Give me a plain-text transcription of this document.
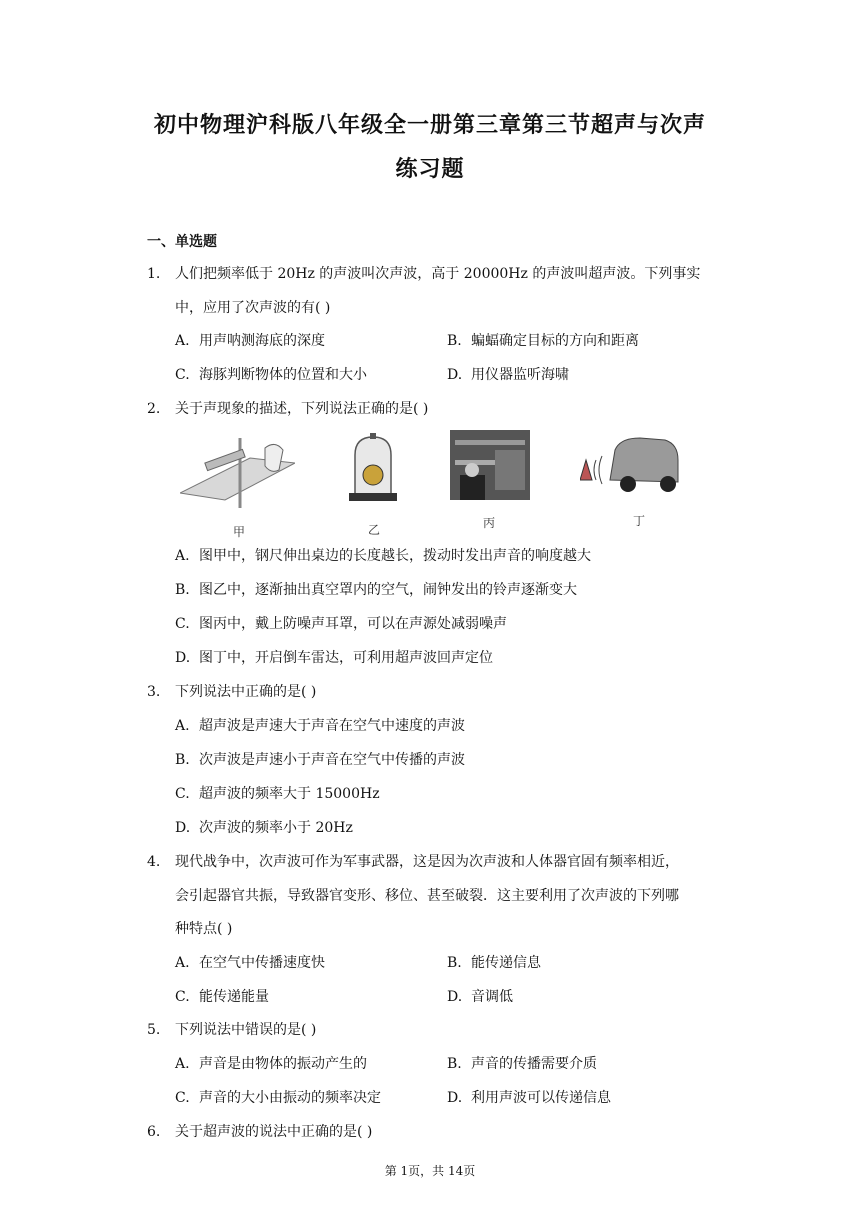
初中物理沪科版八年级全一册第三章第三节超声与次声
练习题
一、单选题
1. 人们把频率低于 20Hz 的声波叫次声波，高于 20000Hz 的声波叫超声波。下列事实
中，应用了次声波的有( )
A. 用声呐测海底的深度	B. 蝙蝠确定目标的方向和距离
C. 海豚判断物体的位置和大小	D. 用仪器监听海啸
2. 关于声现象的描述，下列说法正确的是( )
甲	乙	丙	丁
A. 图甲中，钢尺伸出桌边的长度越长，拨动时发出声音的响度越大
B. 图乙中，逐渐抽出真空罩内的空气，闹钟发出的铃声逐渐变大
C. 图丙中，戴上防噪声耳罩，可以在声源处减弱噪声
D. 图丁中，开启倒车雷达，可利用超声波回声定位
3. 下列说法中正确的是( )
A. 超声波是声速大于声音在空气中速度的声波
B. 次声波是声速小于声音在空气中传播的声波
C. 超声波的频率大于 15000Hz
D. 次声波的频率小于 20Hz
4. 现代战争中，次声波可作为军事武器，这是因为次声波和人体器官固有频率相近，
会引起器官共振，导致器官变形、移位、甚至破裂．这主要利用了次声波的下列哪
种特点( )
A. 在空气中传播速度快	B. 能传递信息
C. 能传递能量	D. 音调低
5. 下列说法中错误的是( )
A. 声音是由物体的振动产生的	B. 声音的传播需要介质
C. 声音的大小由振动的频率决定	D. 利用声波可以传递信息
6. 关于超声波的说法中正确的是( )
第 1页，共 14页
